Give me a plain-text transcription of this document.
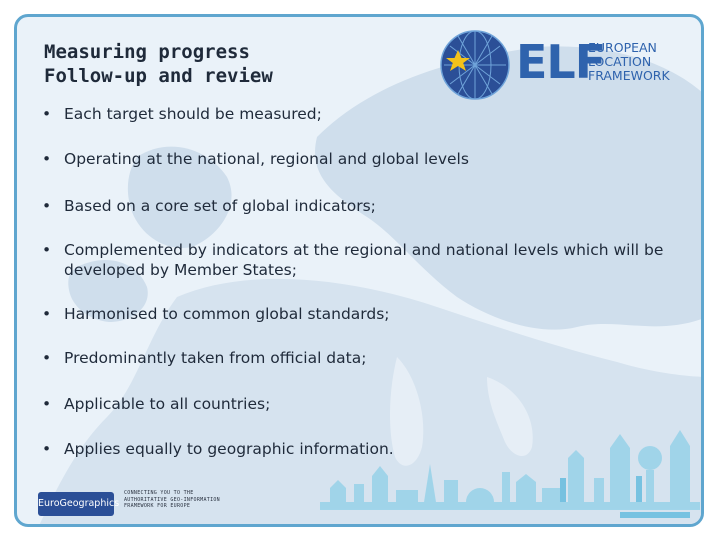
Measuring progress
Follow-up and review	ELF
EUROPEAN
LOCATION
FRAMEWORK
• Each target should be measured;
• Operating at the national, regional and global levels
• Based on a core set of global indicators;
• Complemented by indicators at the regional and national levels which will be developed by Member States;
• Harmonised to common global standards;
• Predominantly taken from official data;
• Applicable to all countries;
• Applies equally to geographic information.
EuroGeographics
CONNECTING YOU TO THE
AUTHORITATIVE GEO-INFORMATION
FRAMEWORK FOR EUROPE
